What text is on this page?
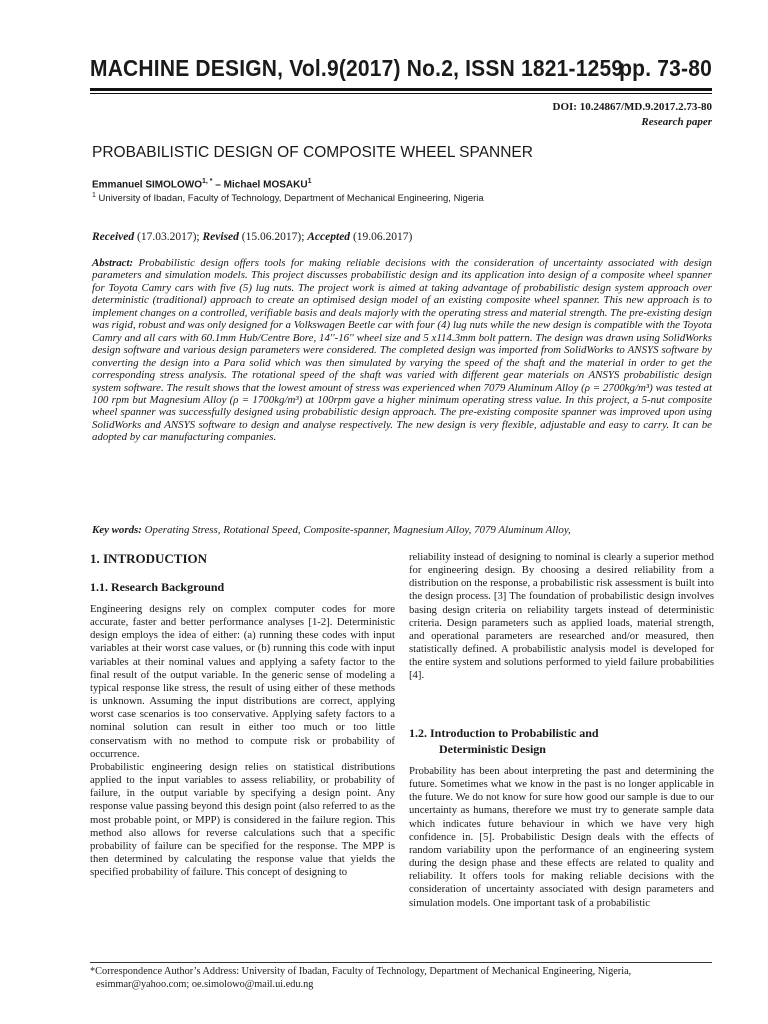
MACHINE DESIGN, Vol.9(2017) No.2, ISSN 1821-1259
pp. 73-80
DOI: 10.24867/MD.9.2017.2.73-80
Research paper
PROBABILISTIC DESIGN OF COMPOSITE WHEEL SPANNER
Emmanuel $SIMOLOWO^{1, *}$ – Michael MOSAKU$^1$
$^1$ University of Ibadan, Faculty of Technology, Department of Mechanical Engineering, Nigeria
Received (17.03.2017); Revised (15.06.2017); Accepted (19.06.2017)
Abstract: Probabilistic design offers tools for making reliable decisions with the consideration of uncertainty associated with design parameters and simulation models. This project discusses probabilistic design and its application into design of a composite wheel spanner for Toyota Camry cars with five (5) lug nuts. The project work is aimed at taking advantage of probabilistic design system approach over deterministic (traditional) approach to create an optimised design model of an existing composite wheel spanner. This new approach is to implement changes on a controlled, verifiable basis and deals majorly with the operating stress and material strength. The pre-existing design was rigid, robust and was only designed for a Volkswagen Beetle car with four (4) lug nuts while the new design is compatible with the Toyota Camry and all cars with 60.1mm Hub/Centre Bore, 14''-16'' wheel size and 5 x114.3mm bolt pattern. The design was drawn using SolidWorks design software and various design parameters were considered. The completed design was imported from SolidWorks to ANSYS software by converting the design into a Para solid which was then simulated by varying the speed of the shaft and the material in order to get the corresponding stress analysis. The rotational speed of the shaft was varied with different gear materials on ANSYS probabilistic design system software. The result shows that the lowest amount of stress was experienced when 7079 Aluminum Alloy (ρ = 2700kg/m³) was tested at 100 rpm but Magnesium Alloy (ρ = 1700kg/m³) at 100rpm gave a higher minimum operating stress value. In this project, a 5-nut composite wheel spanner was successfully designed using probabilistic design approach. The pre-existing composite spanner was improved upon using SolidWorks and ANSYS software to design and analyse respectively. The new design is very flexible, adjustable and easy to carry. It can be adopted by car manufacturing companies.
Key words: Operating Stress, Rotational Speed, Composite-spanner, Magnesium Alloy, 7079 Aluminum Alloy,
1. INTRODUCTION
1.1. Research Background

Engineering designs rely on complex computer codes for more accurate, faster and better performance analyses [1-2]. Deterministic design employs the idea of either: (a) running these codes with input variables at their worst case values, or (b) running this code with input variables at their nominal values and applying a safety factor to the final result of the output variable. In the generic sense of modeling a typical response like stress, the result of using either of these methods is unknown. Assuming the input distributions are correct, applying worst case scenarios is too conservative. Applying safety factors to a nominal solution can result in either too much or too little conservatism with no method to compute risk or probability of occurrence.

Probabilistic engineering design relies on statistical distributions applied to the input variables to assess reliability, or probability of failure, in the output variable by specifying a design point. Any response value passing beyond this design point (also referred to as the most probable point, or MPP) is considered in the failure region. This method also allows for reverse calculations such that a specific probability of failure can be specified for the response. The MPP is then determined by calculating the response value that yields the specified probability of failure. This concept of designing to

reliability instead of designing to nominal is clearly a superior method for engineering design. By choosing a desired reliability from a distribution on the response, a probabilistic risk assessment is built into the design process. [3] The foundation of probabilistic design involves basing design criteria on reliability targets instead of deterministic criteria. Design parameters such as applied loads, material strength, and operational parameters are researched and/or measured, then statistically defined. A probabilistic analysis model is developed for the entire system and solutions performed to yield failure probabilities [4].

1.2. Introduction to Probabilistic and
Deterministic Design

Probability has been about interpreting the past and determining the future. Sometimes what we know in the past is no longer applicable in the future. We do not know for sure how good our sample is due to our uncertainty as humans, therefore we must try to generate sample data which indicates future behaviour in which we have very high confidence in. [5]. Probabilistic Design deals with the effects of random variability upon the performance of an engineering system during the design phase and these effects are related to quality and reliability. It offers tools for making reliable decisions with the consideration of uncertainty associated with design parameters and simulation models. One important task of a probabilistic

*Correspondence Author’s Address: University of Ibadan, Faculty of Technology, Department of Mechanical Engineering, Nigeria,
esimmar@yahoo.com; oe.simolowo@mail.ui.edu.ng
